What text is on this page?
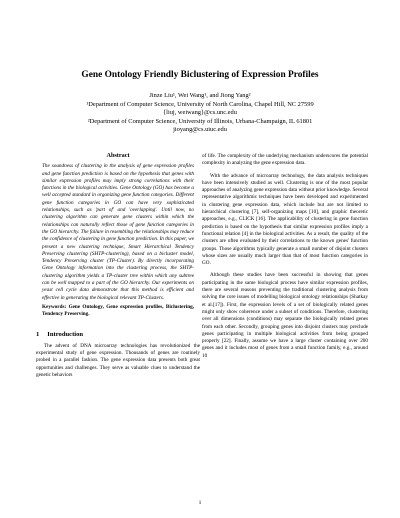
Gene Ontology Friendly Biclustering of Expression Profiles
Jinze Liu¹, Wei Wang¹, and Jiong Yang²
¹Department of Computer Science, University of North Carolina, Chapel Hill, NC 27599
{liuj, weiwang}@cs.unc.edu
²Department of Computer Science, University of Illinois, Urbana-Champaign, IL 61801
jioyang@cs.uiuc.edu
Abstract
The soundness of clustering in the analysis of gene expression profiles and gene function prediction is based on the hypothesis that genes with similar expression profiles may imply strong correlations with their functions in the biological activities. Gene Ontology (GO) has become a well accepted standard in organizing gene function categories. Different gene function categories in GO can have very sophisticated relationships, such as 'part of' and 'overlapping'. Until now, no clustering algorithm can generate gene clusters within which the relationships can naturally reflect those of gene function categories in the GO hierarchy. The failure in resembling the relationships may reduce the confidence of clustering in gene function prediction. In this paper, we present a new clustering technique, Smart Hierarchical Tendency Preserving clustering (SHTP-clustering), based on a bicluster model, Tendency Preserving cluster (TP-Cluster). By directly incorporating Gene Ontology information into the clustering process, the SHTP-clustering algorithm yields a TP-cluster tree within which any subtree can be well mapped to a part of the GO hierarchy. Our experiments on yeast cell cycle data demonstrate that this method is efficient and effective in generating the biological relevant TP-Clusters.
Keywords: Gene Ontology, Gene expression profiles, Biclustering, Tendency Preserving.
1 Introduction

The advent of DNA microarray technologies has revolutionized the experimental study of gene expression. Thousands of genes are routinely probed in a parallel fashion. The gene expression data presents both great opportunities and challenges. They serve as valuable clues to understand the genetic behaviors

of life. The complexity of the underlying mechanism underscores the potential complexity in analyzing the gene expression data.

With the advance of microarray technology, the data analysis techniques have been intensively studied as well. Clustering is one of the most popular approaches of analyzing gene expression data without prior knowledge. Several representative algorithmic techniques have been developed and experimented in clustering gene expression data, which include but are not limited to hierarchical clustering [7], self-organizing maps [10], and graphic theoretic approaches, e.g., CLICK [16]. The applicability of clustering in gene function prediction is based on the hypothesis that similar expression profiles imply a functional relation [4] in the biological activities. As a result, the quality of the clusters are often evaluated by their correlations to the known genes' function groups. Those algorithms typically generate a small number of disjoint clusters whose sizes are usually much larger than that of most function categories in GO.

Although these studies have been successful in showing that genes participating in the same biological process have similar expression profiles, there are several reasons preventing the traditional clustering analysis from solving the core issues of modelling biological ontology relationships (Shatkay et al.[17]). First, the expression levels of a set of biologically related genes might only show coherence under a subset of conditions. Therefore, clustering over all dimensions (conditions) may separate the biologically related genes from each other. Secondly, grouping genes into disjoint clusters may preclude genes participating in multiple biological activities from being grouped properly [22]. Finally, assume we have a large cluster containing over 200 genes and it includes most of genes from a small function family, e.g., around 10

1
